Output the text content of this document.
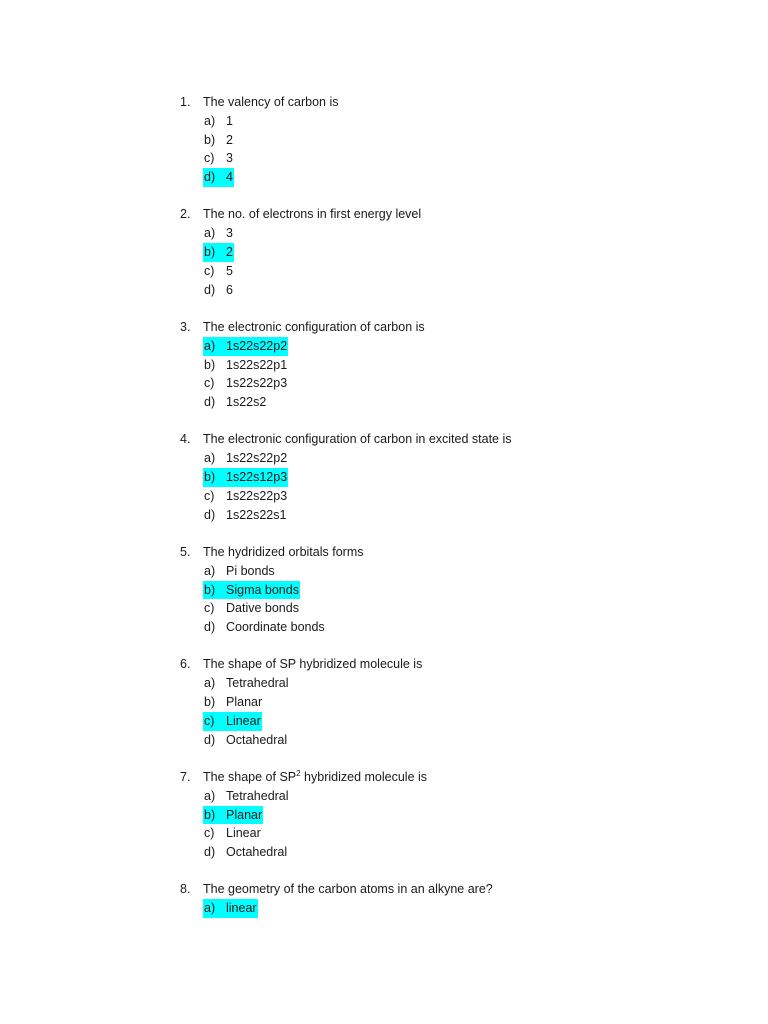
1.	The valency of carbon is
a) 1
b) 2
c) 3
d) 4
2.	The no. of electrons in first energy level
a) 3
b) 2
c) 5
d) 6
3.	The electronic configuration of carbon is
a) 1s22s22p2
b) 1s22s22p1
c) 1s22s22p3
d) 1s22s2
4.	The electronic configuration of carbon in excited state is
a) 1s22s22p2
b) 1s22s12p3
c) 1s22s22p3
d) 1s22s22s1
5.	The hydridized orbitals forms
a) Pi bonds
b) Sigma bonds
c) Dative bonds
d) Coordinate bonds
6.	The shape of SP hybridized molecule is
a) Tetrahedral
b) Planar
c) Linear
d) Octahedral
7.	The shape of $SP^2$ hybridized molecule is
a) Tetrahedral
b) Planar
c) Linear
d) Octahedral
8.	The geometry of the carbon atoms in an alkyne are?
a) linear
